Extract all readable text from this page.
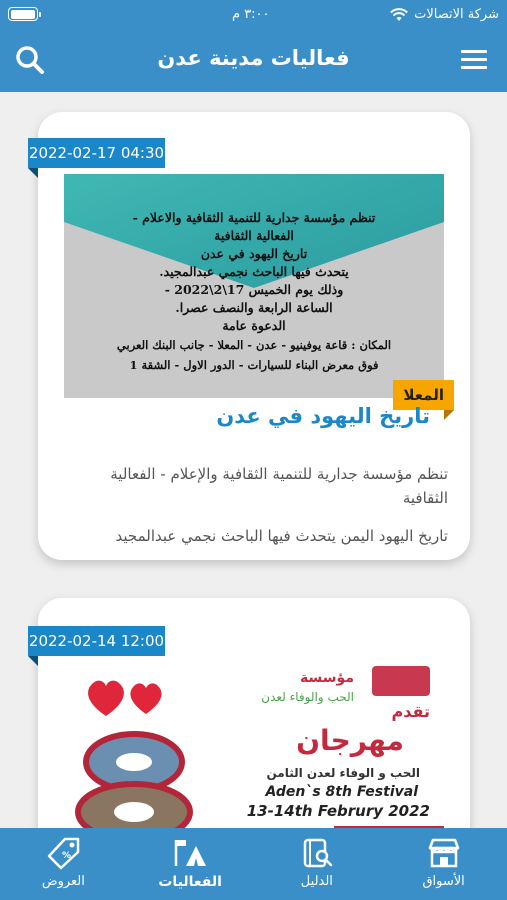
٣:٠٠ م	شركة الاتصالات
فعاليات مدينة عدن
2022-02-17 04:30
تنظم مؤسسة جدارية للتنمية الثقافية والاعلام -
الفعالية الثقافية
تاريخ اليهود في عدن
يتحدث فيها الباحث نجمي عبدالمجيد.
وذلك يوم الخميس 17\2\2022 -
الساعة الرابعة والنصف عصرا.
الدعوة عامة
المكان : قاعة يوفينيو - عدن - المعلا - جانب البنك العربي
فوق معرض البناء للسيارات - الدور الاول - الشقة 1
المعلا
تاريخ اليهود في عدن
تنظم مؤسسة جدارية للتنمية الثقافية والإعلام - الفعالية الثقافية
تاريخ اليهود اليمن يتحدث فيها الباحث نجمي عبدالمجيد
2022-02-14 12:00
مؤسسة
الحب والوفاء لعدن
تقدم
مهرجان
الحب و الوفاء لعدن الثامن
Aden`s 8th Festival
13-14th Februry 2022
%
العروض	الفعاليات	الدليل	الأسواق
